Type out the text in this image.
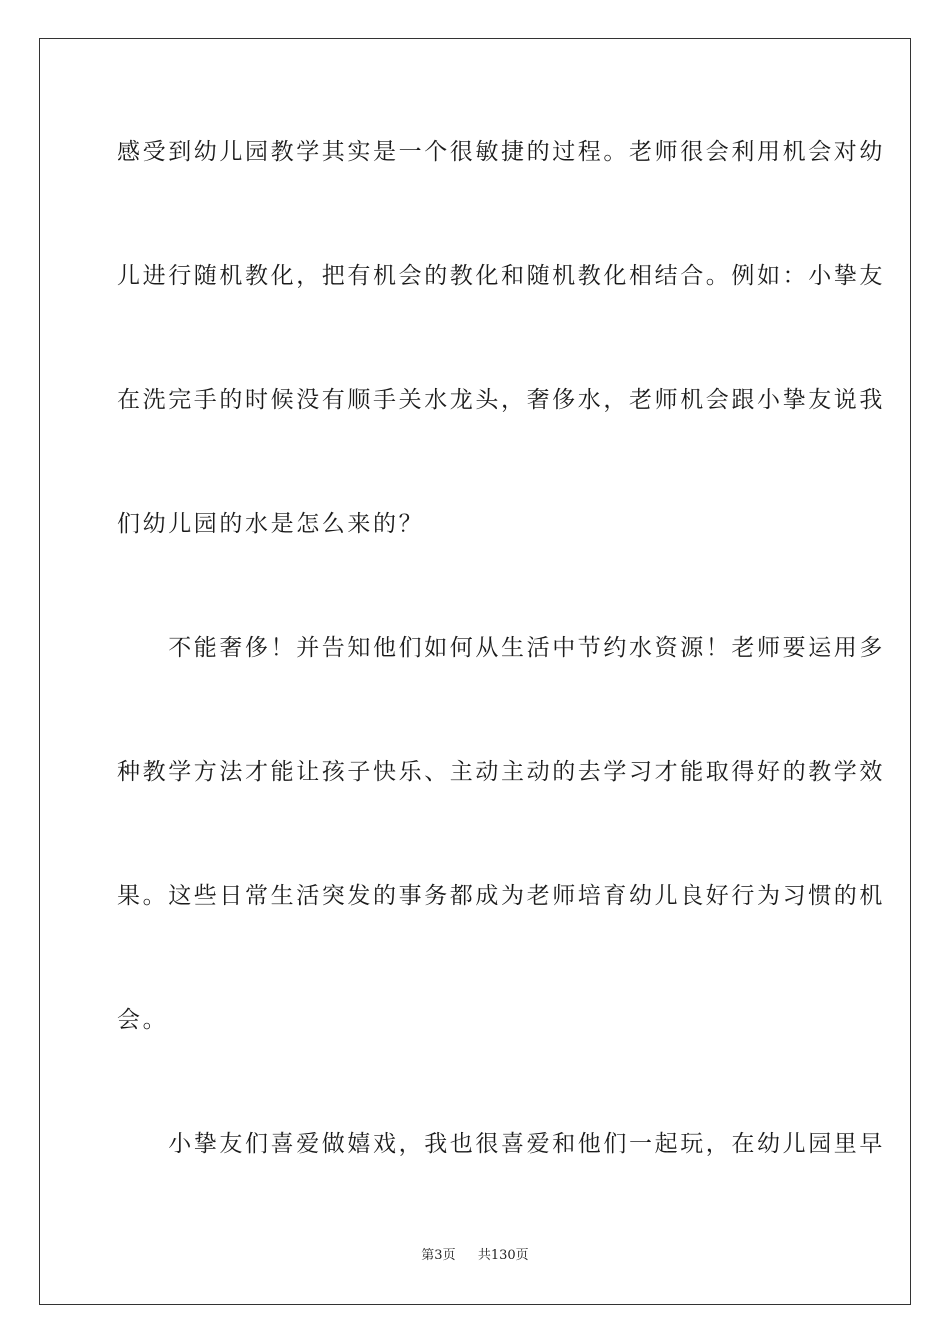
感受到幼儿园教学其实是一个很敏捷的过程。老师很会利用机会对幼
儿进行随机教化，把有机会的教化和随机教化相结合。例如：小挚友
在洗完手的时候没有顺手关水龙头，奢侈水，老师机会跟小挚友说我
们幼儿园的水是怎么来的？
　　不能奢侈！并告知他们如何从生活中节约水资源！老师要运用多
种教学方法才能让孩子快乐、主动主动的去学习才能取得好的教学效
果。这些日常生活突发的事务都成为老师培育幼儿良好行为习惯的机
会。
　　小挚友们喜爱做嬉戏，我也很喜爱和他们一起玩，在幼儿园里早
第3页 共130页
